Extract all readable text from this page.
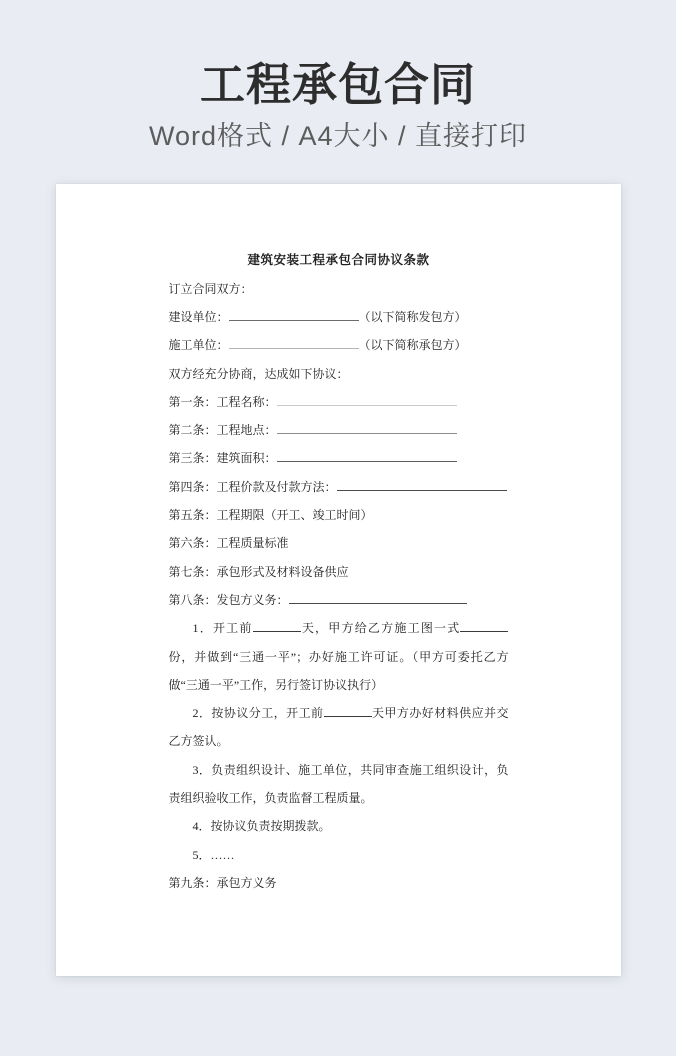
工程承包合同
Word格式 / A4大小 / 直接打印

建筑安装工程承包合同协议条款

订立合同双方：

建设单位：	（以下简称发包方）

施工单位：	（以下简称承包方）

双方经充分协商，达成如下协议：

第一条：工程名称：

第二条：工程地点：

第三条：建筑面积：

第四条：工程价款及付款方法：

第五条：工程期限（开工、竣工时间）

第六条：工程质量标准

第七条：承包形式及材料设备供应

第八条：发包方义务：

1．开工前	天，甲方给乙方施工图一式份，并做到“三通一平”；办好施工许可证。（甲方可委托乙方做“三通一平”工作，另行签订协议执行）

2．按协议分工，开工前	天甲方办好材料供应并交乙方签认。

3．负责组织设计、施工单位，共同审查施工组织设计，负责组织验收工作，负责监督工程质量。

4．按协议负责按期拨款。

5．……

第九条：承包方义务
